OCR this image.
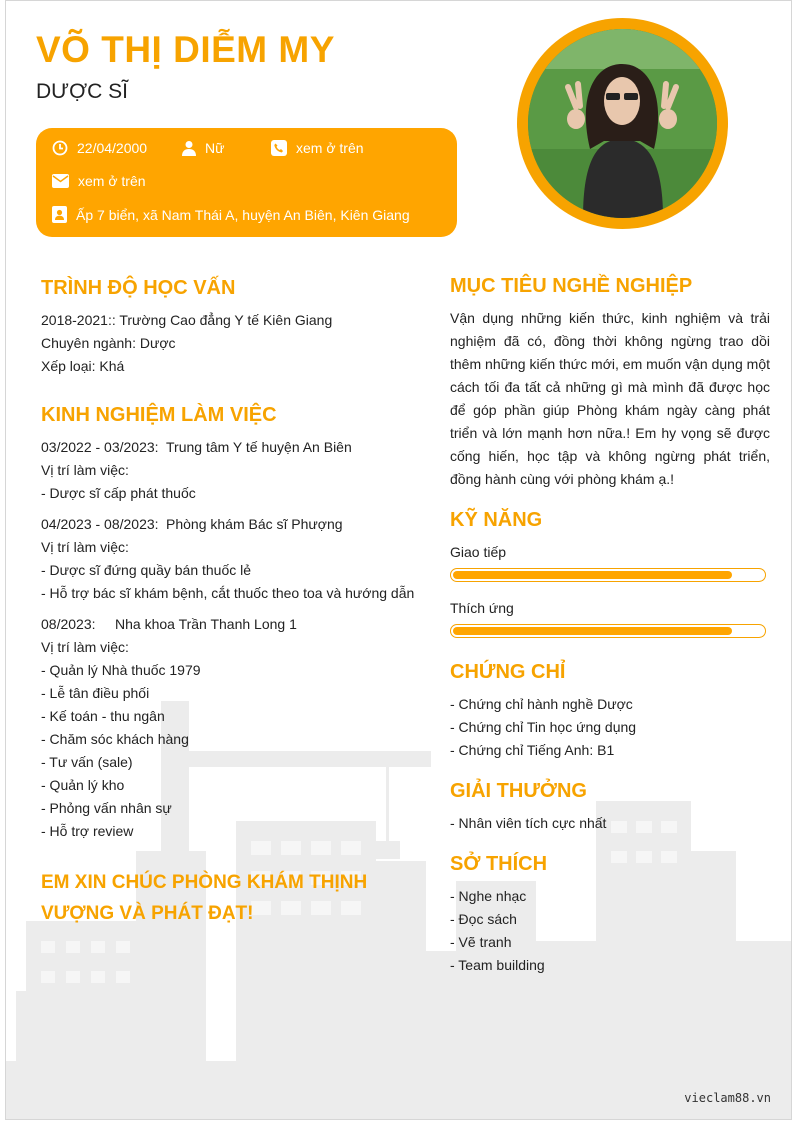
VÕ THỊ DIỄM MY
DƯỢC SĨ
22/04/2000	Nữ	xem ở trên
xem ở trên
Ấp 7 biển, xã Nam Thái A, huyện An Biên, Kiên Giang
TRÌNH ĐỘ HỌC VẤN
2018-2021:: Trường Cao đẳng Y tế Kiên Giang
Chuyên ngành: Dược
Xếp loại: Khá
KINH NGHIỆM LÀM VIỆC
03/2022 - 03/2023: Trung tâm Y tế huyện An Biên
Vị trí làm việc:
- Dược sĩ cấp phát thuốc
04/2023 - 08/2023: Phòng khám Bác sĩ Phượng
Vị trí làm việc:
- Dược sĩ đứng quầy bán thuốc lẻ
- Hỗ trợ bác sĩ khám bệnh, cắt thuốc theo toa và hướng dẫn
08/2023: Nha khoa Trần Thanh Long 1
Vị trí làm việc:
- Quản lý Nhà thuốc 1979
- Lễ tân điều phối
- Kế toán - thu ngân
- Chăm sóc khách hàng
- Tư vấn (sale)
- Quản lý kho
- Phỏng vấn nhân sự
- Hỗ trợ review
EM XIN CHÚC PHÒNG KHÁM THỊNH VƯỢNG VÀ PHÁT ĐẠT!
MỤC TIÊU NGHỀ NGHIỆP
Vận dụng những kiến thức, kinh nghiệm và trải nghiệm đã có, đồng thời không ngừng trao dồi thêm những kiến thức mới, em muốn vận dụng một cách tối đa tất cả những gì mà mình đã được học để góp phần giúp Phòng khám ngày càng phát triển và lớn mạnh hơn nữa.! Em hy vọng sẽ được cống hiến, học tập và không ngừng phát triển, đồng hành cùng với phòng khám ạ.!
KỸ NĂNG
Giao tiếp
Thích ứng
CHỨNG CHỈ
- Chứng chỉ hành nghề Dược
- Chứng chỉ Tin học ứng dụng
- Chứng chỉ Tiếng Anh: B1
GIẢI THƯỞNG
- Nhân viên tích cực nhất
SỞ THÍCH
- Nghe nhạc
- Đọc sách
- Vẽ tranh
- Team building
vieclam88.vn
